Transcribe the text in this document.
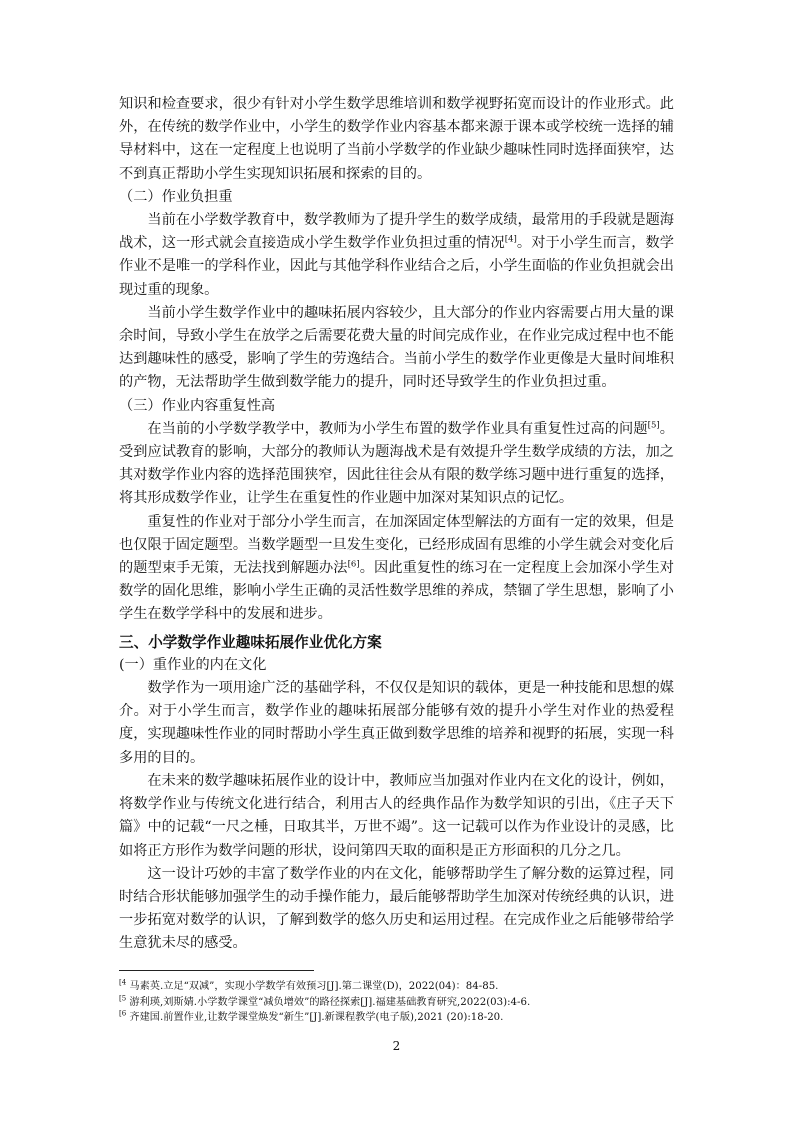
知识和检查要求，很少有针对小学生数学思维培训和数学视野拓宽而设计的作业形式。此外，在传统的数学作业中，小学生的数学作业内容基本都来源于课本或学校统一选择的辅导材料中，这在一定程度上也说明了当前小学数学的作业缺少趣味性同时选择面狭窄，达不到真正帮助小学生实现知识拓展和探索的目的。

（二）作业负担重

当前在小学数学教育中，数学教师为了提升学生的数学成绩，最常用的手段就是题海战术，这一形式就会直接造成小学生数学作业负担过重的情况[4]。对于小学生而言，数学作业不是唯一的学科作业，因此与其他学科作业结合之后，小学生面临的作业负担就会出现过重的现象。

当前小学生数学作业中的趣味拓展内容较少，且大部分的作业内容需要占用大量的课余时间，导致小学生在放学之后需要花费大量的时间完成作业，在作业完成过程中也不能达到趣味性的感受，影响了学生的劳逸结合。当前小学生的数学作业更像是大量时间堆积的产物，无法帮助学生做到数学能力的提升，同时还导致学生的作业负担过重。

（三）作业内容重复性高

在当前的小学数学教学中，教师为小学生布置的数学作业具有重复性过高的问题[5]。受到应试教育的影响，大部分的教师认为题海战术是有效提升学生数学成绩的方法，加之其对数学作业内容的选择范围狭窄，因此往往会从有限的数学练习题中进行重复的选择，将其形成数学作业，让学生在重复性的作业题中加深对某知识点的记忆。

重复性的作业对于部分小学生而言，在加深固定体型解法的方面有一定的效果，但是也仅限于固定题型。当数学题型一旦发生变化，已经形成固有思维的小学生就会对变化后的题型束手无策，无法找到解题办法[6]。因此重复性的练习在一定程度上会加深小学生对数学的固化思维，影响小学生正确的灵活性数学思维的养成，禁锢了学生思想，影响了小学生在数学学科中的发展和进步。

三、小学数学作业趣味拓展作业优化方案

(一）重作业的内在文化

数学作为一项用途广泛的基础学科，不仅仅是知识的载体，更是一种技能和思想的媒介。对于小学生而言，数学作业的趣味拓展部分能够有效的提升小学生对作业的热爱程度，实现趣味性作业的同时帮助小学生真正做到数学思维的培养和视野的拓展，实现一科多用的目的。

在未来的数学趣味拓展作业的设计中，教师应当加强对作业内在文化的设计，例如，将数学作业与传统文化进行结合，利用古人的经典作品作为数学知识的引出，《庄子天下篇》中的记载“一尺之棰，日取其半，万世不竭”。这一记载可以作为作业设计的灵感，比如将正方形作为数学问题的形状，设问第四天取的面积是正方形面积的几分之几。

这一设计巧妙的丰富了数学作业的内在文化，能够帮助学生了解分数的运算过程，同时结合形状能够加强学生的动手操作能力，最后能够帮助学生加深对传统经典的认识，进一步拓宽对数学的认识，了解到数学的悠久历史和运用过程。在完成作业之后能够带给学生意犹未尽的感受。

$^{[4}$ 马素英.立足“双减”，实现小学数学有效预习[J].第二课堂(D)，2022(04)：84-85.

$^{[5}$ 游利瑛,刘斯婧.小学数学课堂“减负增效”的路径探索[J].福建基础教育研究,2022(03):4-6.

$^{[6}$ 齐建国.前置作业,让数学课堂焕发“新生”[J].新课程教学(电子版),2021 (20):18-20.

2
